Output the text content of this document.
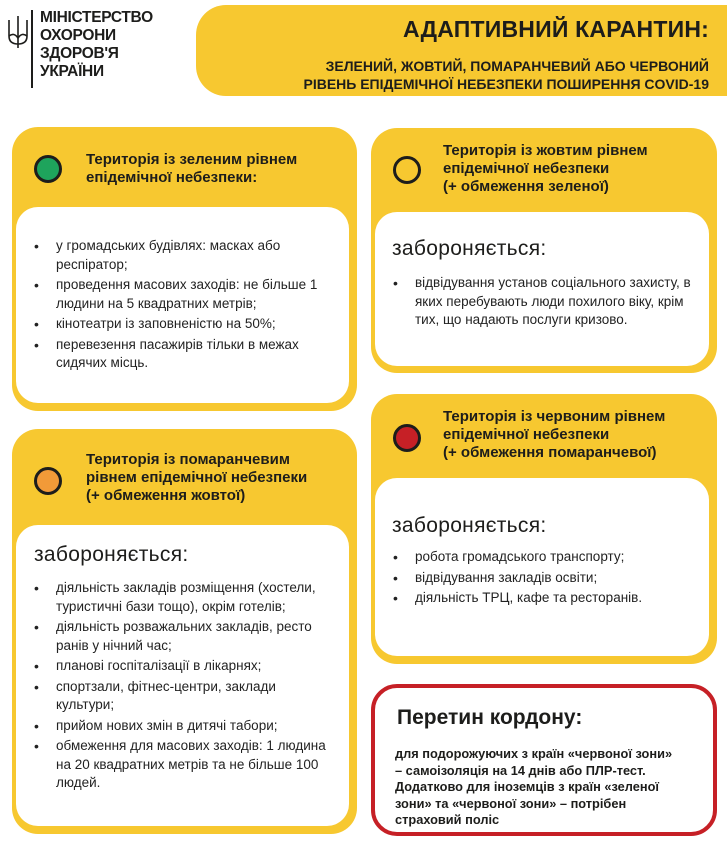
МІНІСТЕРСТВО
ОХОРОНИ
ЗДОРОВ'Я
УКРАЇНИ
АДАПТИВНИЙ КАРАНТИН:
ЗЕЛЕНИЙ, ЖОВТИЙ, ПОМАРАНЧЕВИЙ АБО ЧЕРВОНИЙ
РІВЕНЬ ЕПІДЕМІЧНОЇ НЕБЕЗПЕКИ ПОШИРЕННЯ COVID-19
Територія із зеленим рівнем
епідемічної небезпеки:
• у громадських будівлях: масках або респіратор;
• проведення масових заходів: не більше 1 людини на 5 квадратних метрів;
• кінотеатри із заповненістю на 50%;
• перевезення пасажирів тільки в межах сидячих місць.
Територія із жовтим рівнем
епідемічної небезпеки
(+ обмеження зеленої)
забороняється:
• відвідування установ соціального захисту, в яких перебувають люди похилого віку, крім тих, що надають послуги кризово.
Територія із помаранчевим
рівнем епідемічної небезпеки
(+ обмеження жовтої)
забороняється:
• діяльність закладів розміщення (хостели, туристичні бази тощо), окрім готелів;
• діяльність розважальних закладів, ресто ранів у нічний час;
• планові госпіталізації в лікарнях;
• спортзали, фітнес-центри, заклади культури;
• прийом нових змін в дитячі табори;
• обмеження для масових заходів: 1 людина на 20 квадратних метрів та не більше 100 людей.
Територія із червоним рівнем
епідемічної небезпеки
(+ обмеження помаранчевої)
забороняється:
• робота громадського транспорту;
• відвідування закладів освіти;
• діяльність ТРЦ, кафе та ресторанів.
Перетин кордону:
для подорожуючих з країн «червоної зони»
– самоізоляція на 14 днів або ПЛР-тест.
Додатково для іноземців з країн «зеленої
зони» та «червоної зони» – потрібен
страховий поліс
